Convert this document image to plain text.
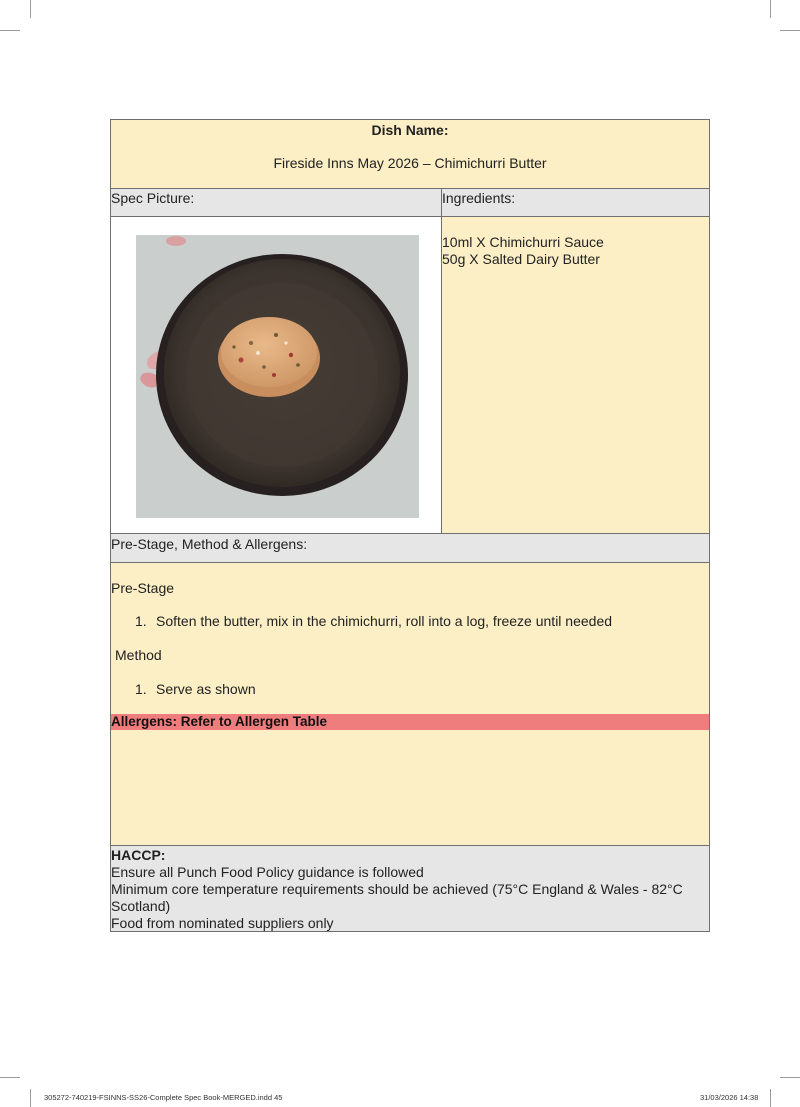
Dish Name:
Fireside Inns May 2026 – Chimichurri Butter
Spec Picture:	Ingredients:
10ml X Chimichurri Sauce
50g X Salted Dairy Butter
Pre-Stage, Method & Allergens:
Pre-Stage
1. Soften the butter, mix in the chimichurri, roll into a log, freeze until needed
Method
1. Serve as shown
Allergens: Refer to Allergen Table
HACCP:
Ensure all Punch Food Policy guidance is followed
Minimum core temperature requirements should be achieved (75°C England & Wales - 82°C Scotland)
Food from nominated suppliers only
305272-740219-FSINNS-SS26-Complete Spec Book-MERGED.indd 45	31/03/2026 14:38
